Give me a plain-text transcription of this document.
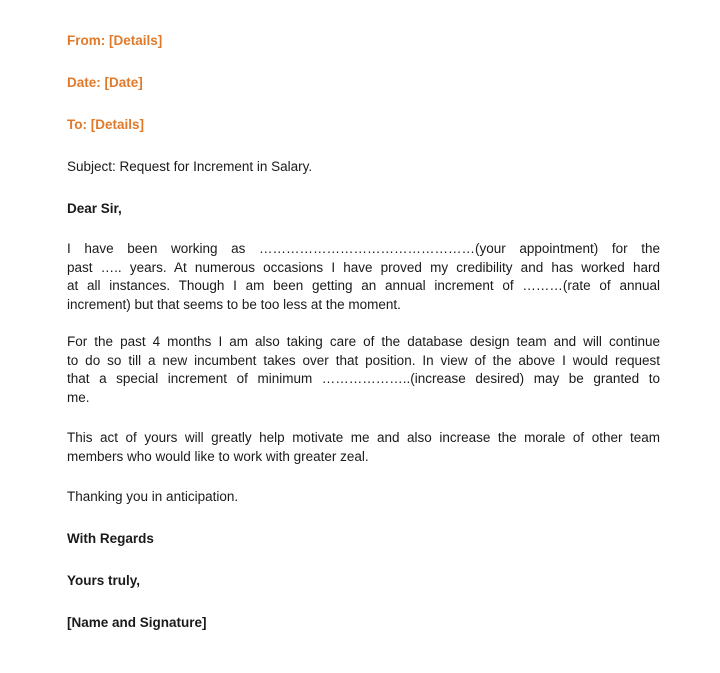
From: [Details]

Date: [Date]

To: [Details]

Subject: Request for Increment in Salary.

Dear Sir,

I have been working as …………………………………………(your appointment) for the
past ….. years. At numerous occasions I have proved my credibility and has worked hard
at all instances. Though I am been getting an annual increment of ………(rate of annual
increment) but that seems to be too less at the moment.
For the past 4 months I am also taking care of the database design team and will continue
to do so till a new incumbent takes over that position. In view of the above I would request
that a special increment of minimum ………………..(increase desired) may be granted to
me.
This act of yours will greatly help motivate me and also increase the morale of other team
members who would like to work with greater zeal.

Thanking you in anticipation.

With Regards

Yours truly,

[Name and Signature]
